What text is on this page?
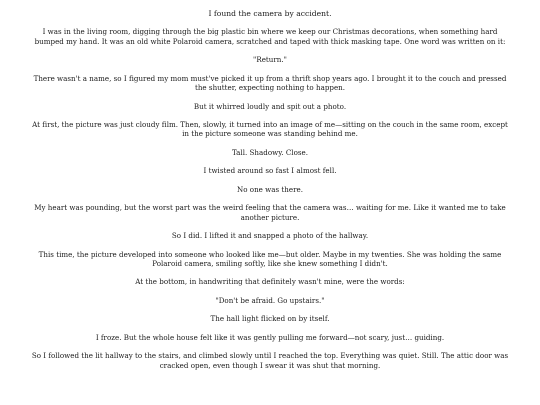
I found the camera by accident.

I was in the living room, digging through the big plastic bin where we keep our Christmas decorations, when something hard bumped my hand. It was an old white Polaroid camera, scratched and taped with thick masking tape. One word was written on it:

"Return."

There wasn't a name, so I figured my mom must've picked it up from a thrift shop years ago. I brought it to the couch and pressed the shutter, expecting nothing to happen.

But it whirred loudly and spit out a photo.

At first, the picture was just cloudy film. Then, slowly, it turned into an image of me—sitting on the couch in the same room, except in the picture someone was standing behind me.

Tall. Shadowy. Close.

I twisted around so fast I almost fell.

No one was there.

My heart was pounding, but the worst part was the weird feeling that the camera was… waiting for me. Like it wanted me to take another picture.

So I did. I lifted it and snapped a photo of the hallway.

This time, the picture developed into someone who looked like me—but older. Maybe in my twenties. She was holding the same Polaroid camera, smiling softly, like she knew something I didn't.

At the bottom, in handwriting that definitely wasn't mine, were the words:

"Don't be afraid. Go upstairs."

The hall light flicked on by itself.

I froze. But the whole house felt like it was gently pulling me forward—not scary, just… guiding.

So I followed the lit hallway to the stairs, and climbed slowly until I reached the top. Everything was quiet. Still. The attic door was cracked open, even though I swear it was shut that morning.
